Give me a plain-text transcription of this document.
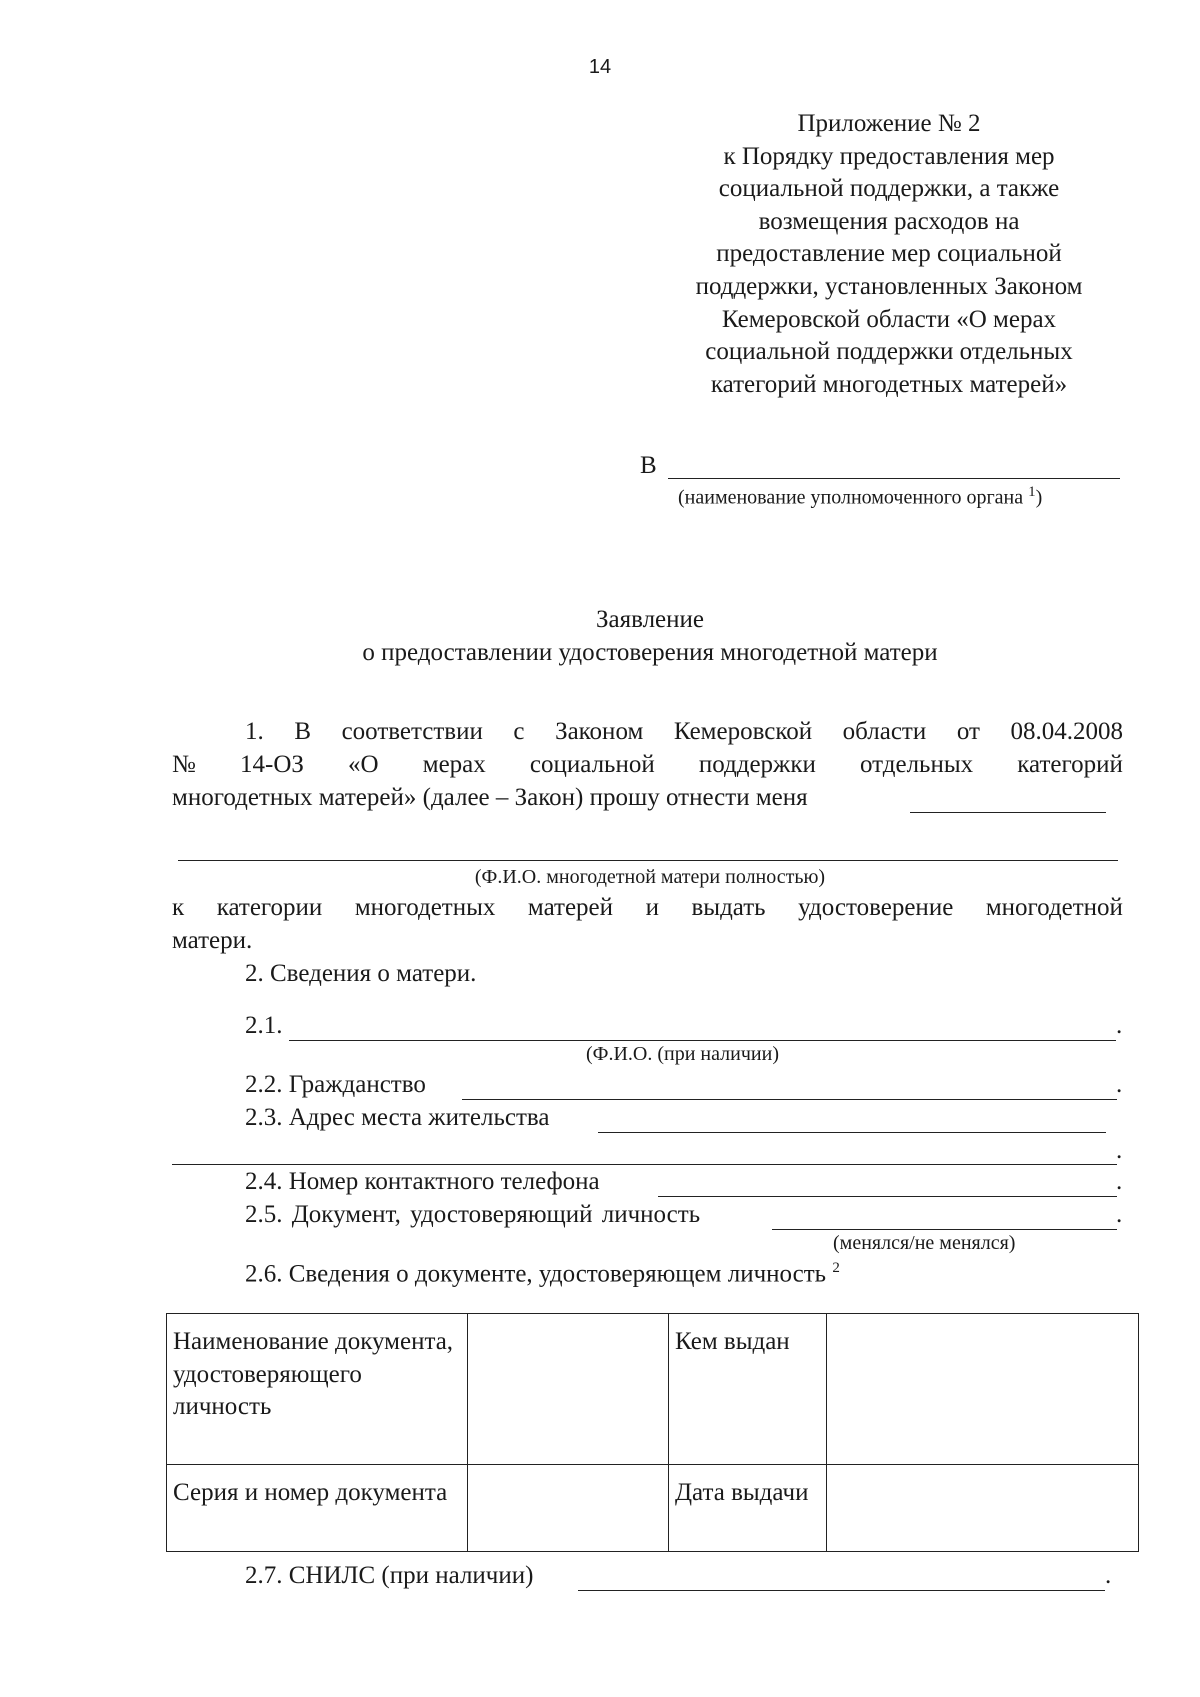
14
Приложение № 2
к Порядку предоставления мер
социальной поддержки, а также
возмещения расходов на
предоставление мер социальной
поддержки, установленных Законом
Кемеровской области «О мерах
социальной поддержки отдельных
категорий многодетных матерей»
В
(наименование уполномоченного органа $^1$)
Заявление
о предоставлении удостоверения многодетной матери
1. В соответствии с Законом Кемеровской области от 08.04.2008
№ 14-ОЗ «О мерах социальной поддержки отдельных категорий
многодетных матерей» (далее – Закон) прошу отнести меня
(Ф.И.О. многодетной матери полностью)
к категории многодетных матерей и выдать удостоверение многодетной
матери.
2. Сведения о матери.
2.1.	.
(Ф.И.О. (при наличии)
2.2. Гражданство	.
2.3. Адрес места жительства
.
2.4. Номер контактного телефона	.
2.5. Документ, удостоверяющий личность	.
(менялся/не менялся)
2.6. Сведения о документе, удостоверяющем личность $^2$
Наименование документа, удостоверяющего личность		Кем выдан	
Серия и номер документа		Дата выдачи	
2.7. СНИЛС (при наличии)	.
